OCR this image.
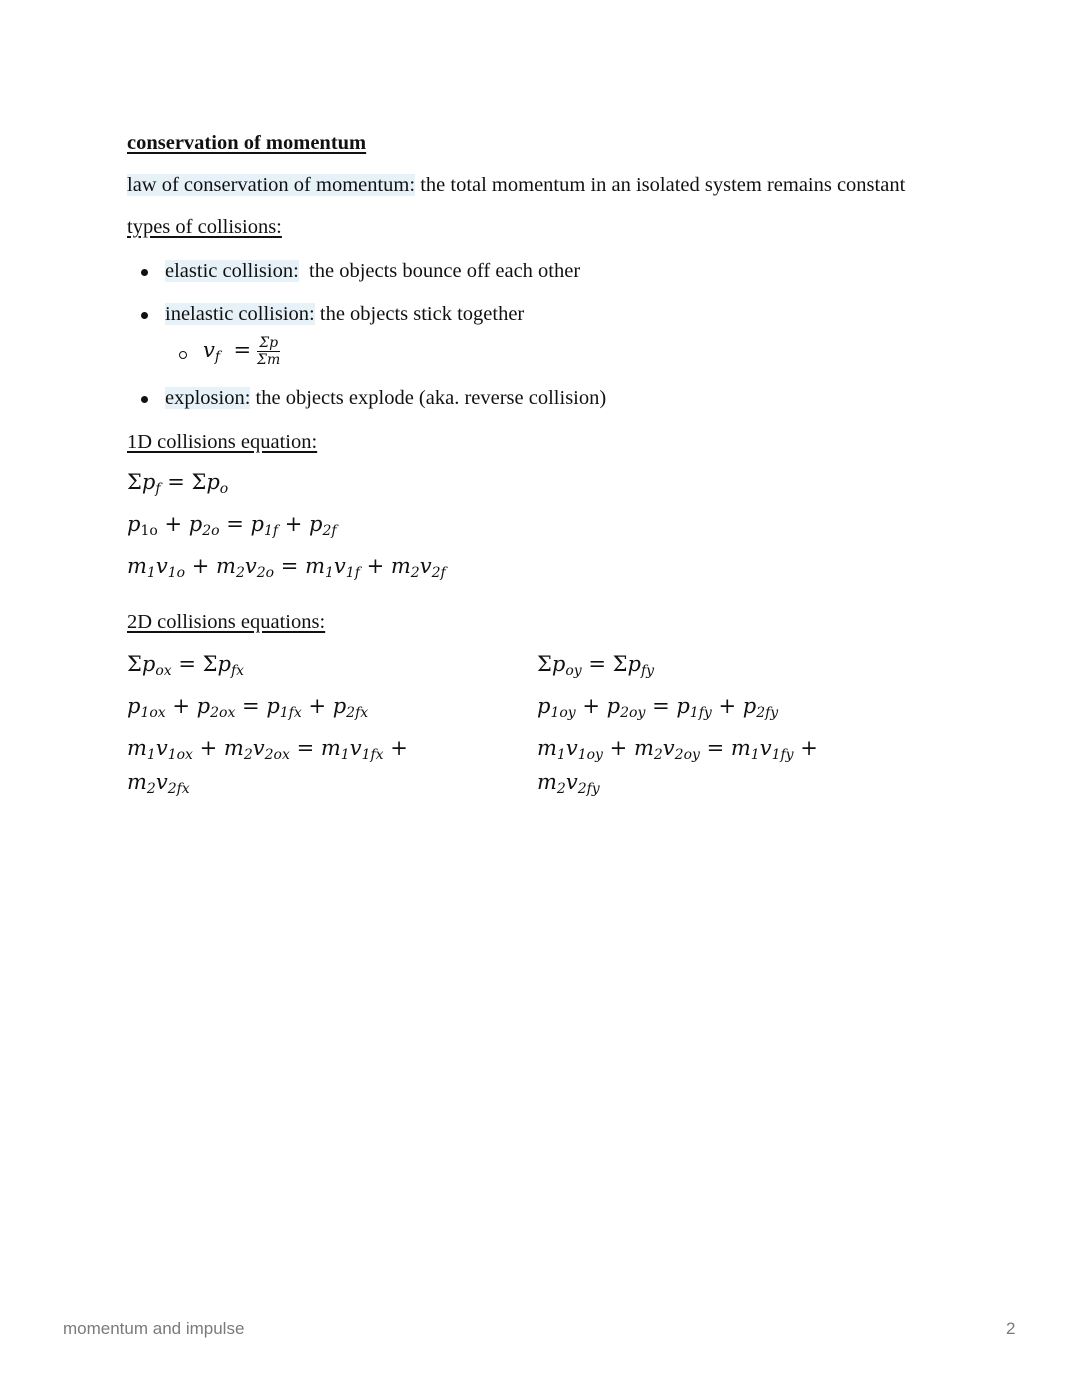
conservation of momentum

law of conservation of momentum: the total momentum in an isolated system remains constant

types of collisions:

elastic collision:  the objects bounce off each other
inelastic collision: the objects stick together
$v_f = \frac{\Sigma p}{\Sigma m}$
explosion: the objects explode (aka. reverse collision)

1D collisions equation:

$\Sigma p_f = \Sigma p_o$
$p_{1o} + p_{2o} = p_{1f} + p_{2f}$
$m_1v_{1o} + m_2v_{2o} = m_1v_{1f} + m_2v_{2f}$

2D collisions equations:

$\Sigma p_{ox} = \Sigma p_{fx}$
$p_{1ox} + p_{2ox} = p_{1fx} + p_{2fx}$
$m_1v_{1ox} + m_2v_{2ox} = m_1v_{1fx}$ +
$m_2v_{2fx}$
$\Sigma p_{oy} = \Sigma p_{fy}$
$p_{1oy} + p_{2oy} = p_{1fy} + p_{2fy}$
$m_1v_{1oy} + m_2v_{2oy} = m_1v_{1fy}$ +
$m_2v_{2fy}$
momentum and impulse	2
